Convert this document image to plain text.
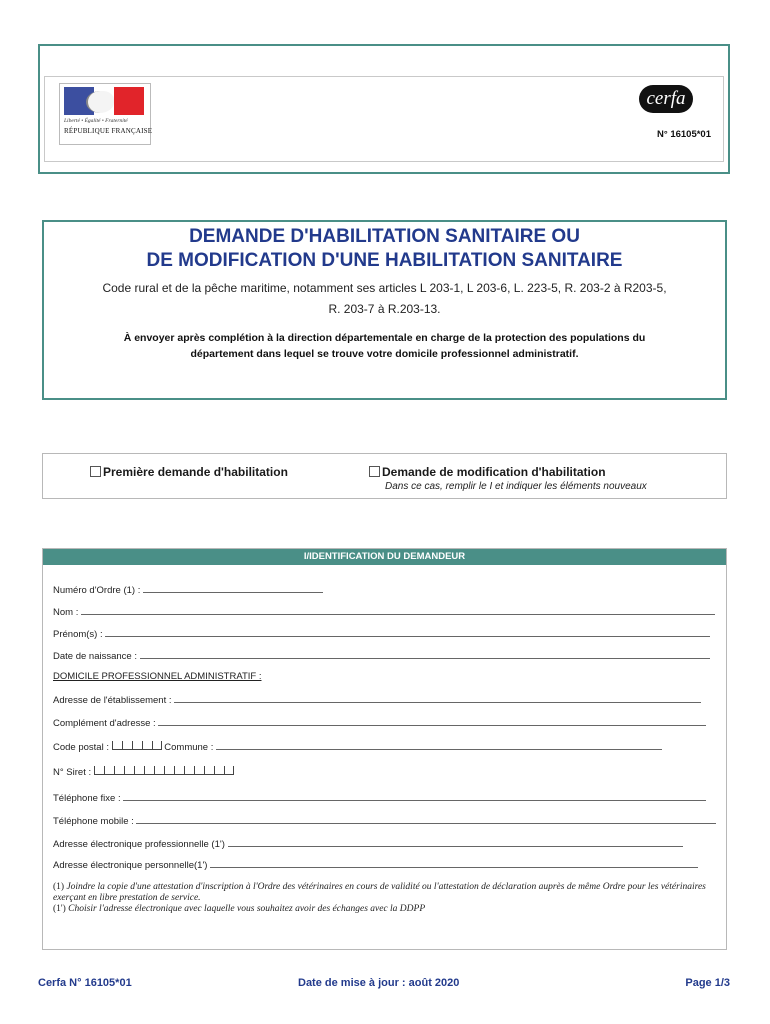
Liberté • Égalité • Fraternité
RÉPUBLIQUE FRANÇAISE
cerfa
N° 16105*01
DEMANDE D'HABILITATION SANITAIRE OU
DE MODIFICATION D'UNE HABILITATION SANITAIRE
Code rural et de la pêche maritime, notamment ses articles L 203-1, L 203-6, L. 223-5, R. 203-2 à R203-5,
R. 203-7 à R.203-13.
À envoyer après complétion à la direction départementale en charge de la protection des populations du département dans lequel se trouve votre domicile professionnel administratif.
Première demande d'habilitation	Demande de modification d'habilitation
Dans ce cas, remplir le I et indiquer les éléments nouveaux
I/IDENTIFICATION DU DEMANDEUR
Numéro d'Ordre (1) :
Nom :
Prénom(s) :
Date de naissance :
DOMICILE PROFESSIONNEL ADMINISTRATIF :
Adresse de l'établissement :
Complément d'adresse :
Code postal :	Commune :
N° Siret :
Téléphone fixe :
Téléphone mobile :
Adresse électronique professionnelle (1')
Adresse électronique personnelle(1')
(1) Joindre la copie d'une attestation d'inscription à l'Ordre des vétérinaires en cours de validité ou l'attestation de déclaration auprès de même Ordre pour les vétérinaires exerçant en libre prestation de service.
(1') Choisir l'adresse électronique avec laquelle vous souhaitez avoir des échanges avec la DDPP
Cerfa N° 16105*01	Date de mise à jour : août 2020	Page 1/3
